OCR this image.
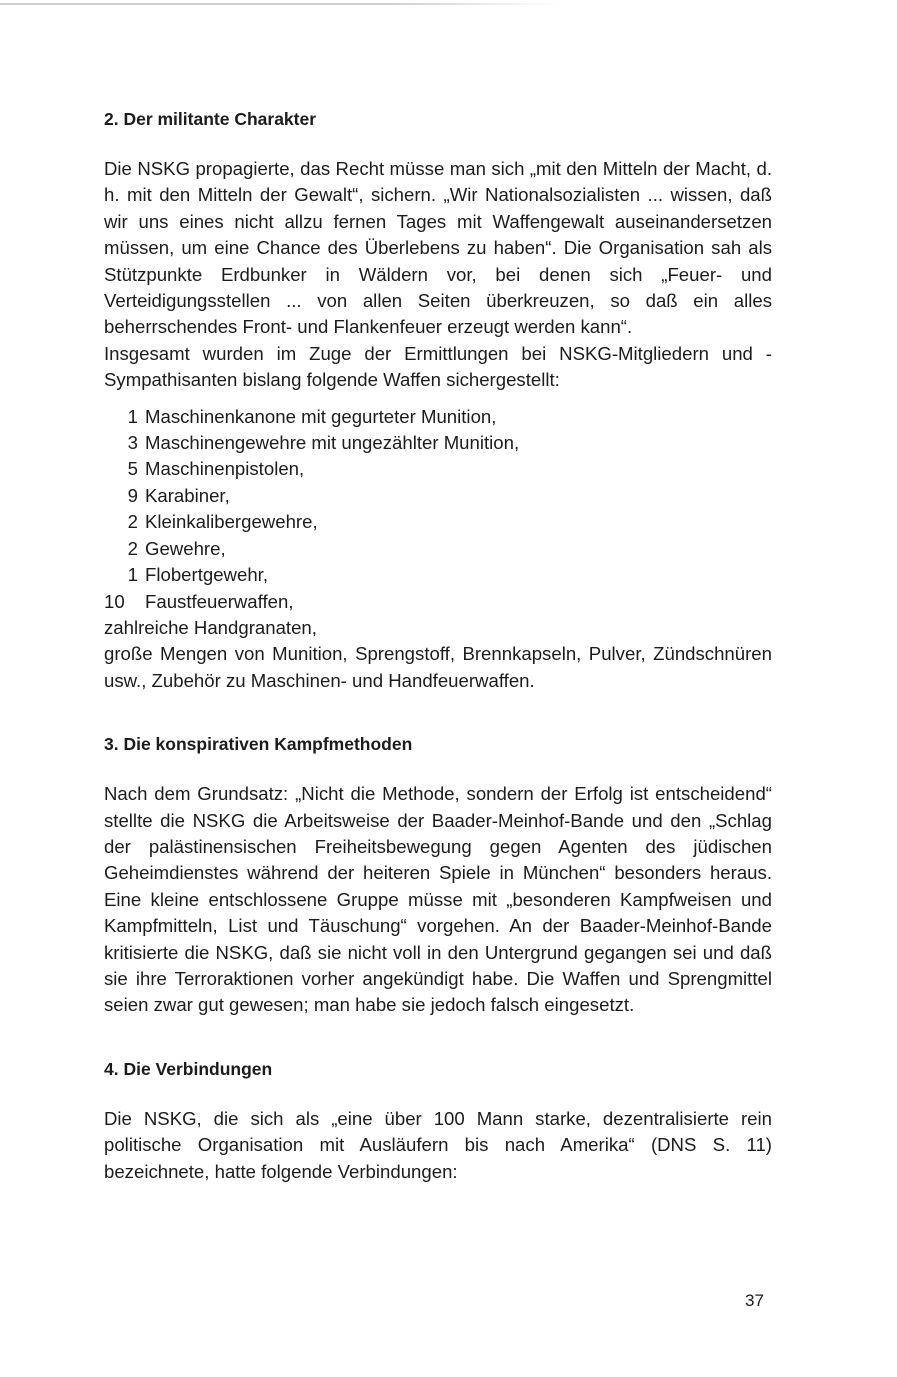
2. Der militante Charakter

Die NSKG propagierte, das Recht müsse man sich „mit den Mitteln der Macht, d. h. mit den Mitteln der Gewalt“, sichern. „Wir Nationalsozialisten ... wissen, daß wir uns eines nicht allzu fernen Tages mit Waffengewalt auseinandersetzen müssen, um eine Chance des Überlebens zu haben“. Die Organisation sah als Stützpunkte Erdbunker in Wäldern vor, bei denen sich „Feuer- und Verteidigungsstellen ... von allen Seiten überkreuzen, so daß ein alles beherrschendes Front- und Flankenfeuer erzeugt werden kann“.

Insgesamt wurden im Zuge der Ermittlungen bei NSKG-Mitgliedern und -Sympathisanten bislang folgende Waffen sichergestellt:

1 Maschinenkanone mit gegurteter Munition,
3 Maschinengewehre mit ungezählter Munition,
5 Maschinenpistolen,
9 Karabiner,
2 Kleinkalibergewehre,
2 Gewehre,
1 Flobertgewehr,
10	Faustfeuerwaffen,

zahlreiche Handgranaten,

große Mengen von Munition, Sprengstoff, Brennkapseln, Pulver, Zündschnüren usw., Zubehör zu Maschinen- und Handfeuerwaffen.

3. Die konspirativen Kampfmethoden

Nach dem Grundsatz: „Nicht die Methode, sondern der Erfolg ist entscheidend“ stellte die NSKG die Arbeitsweise der Baader-Meinhof-Bande und den „Schlag der palästinensischen Freiheitsbewegung gegen Agenten des jüdischen Geheimdienstes während der heiteren Spiele in München“ besonders heraus. Eine kleine entschlossene Gruppe müsse mit „besonderen Kampfweisen und Kampfmitteln, List und Täuschung“ vorgehen. An der Baader-Meinhof-Bande kritisierte die NSKG, daß sie nicht voll in den Untergrund gegangen sei und daß sie ihre Terroraktionen vorher angekündigt habe. Die Waffen und Sprengmittel seien zwar gut gewesen; man habe sie jedoch falsch eingesetzt.

4. Die Verbindungen

Die NSKG, die sich als „eine über 100 Mann starke, dezentralisierte rein politische Organisation mit Ausläufern bis nach Amerika“ (DNS S. 11) bezeichnete, hatte folgende Verbindungen:

37
